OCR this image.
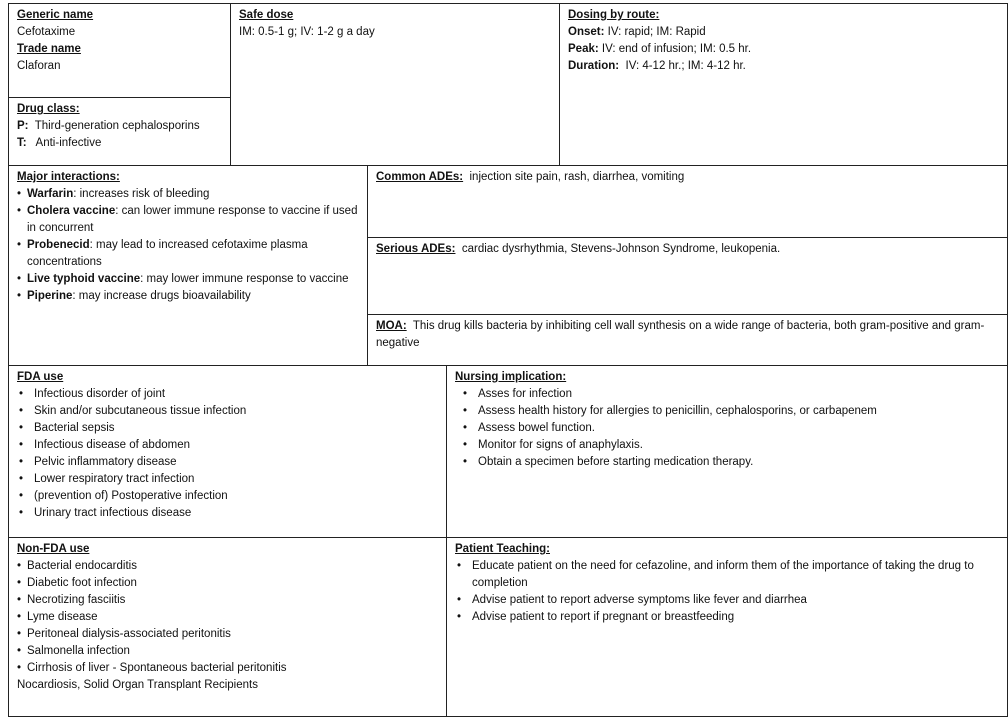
Generic name
Cefotaxime
Trade name
Claforan
Drug class:
P: Third-generation cephalosporins
T: Anti-infective
Safe dose
IM: 0.5-1 g; IV: 1-2 g a day
Dosing by route:
Onset: IV: rapid; IM: Rapid
Peak: IV: end of infusion; IM: 0.5 hr.
Duration: IV: 4-12 hr.; IM: 4-12 hr.
Major interactions:
• Warfarin: increases risk of bleeding
• Cholera vaccine: can lower immune response to vaccine if used in concurrent
• Probenecid: may lead to increased cefotaxime plasma concentrations
• Live typhoid vaccine: may lower immune response to vaccine
• Piperine: may increase drugs bioavailability

Common ADEs: injection site pain, rash, diarrhea, vomiting

Serious ADEs: cardiac dysrhythmia, Stevens-Johnson Syndrome, leukopenia.

MOA: This drug kills bacteria by inhibiting cell wall synthesis on a wide range of bacteria, both gram-positive and gram-negative

FDA use
• Infectious disorder of joint
• Skin and/or subcutaneous tissue infection
• Bacterial sepsis
• Infectious disease of abdomen
• Pelvic inflammatory disease
• Lower respiratory tract infection
• (prevention of) Postoperative infection
• Urinary tract infectious disease
Nursing implication:
• Asses for infection
• Assess health history for allergies to penicillin, cephalosporins, or carbapenem
• Assess bowel function.
• Monitor for signs of anaphylaxis.
• Obtain a specimen before starting medication therapy.
Non-FDA use
• Bacterial endocarditis
• Diabetic foot infection
• Necrotizing fasciitis
• Lyme disease
• Peritoneal dialysis-associated peritonitis
• Salmonella infection
• Cirrhosis of liver - Spontaneous bacterial peritonitis
Nocardiosis, Solid Organ Transplant Recipients
Patient Teaching:
• Educate patient on the need for cefazoline, and inform them of the importance of taking the drug to completion
• Advise patient to report adverse symptoms like fever and diarrhea
• Advise patient to report if pregnant or breastfeeding
